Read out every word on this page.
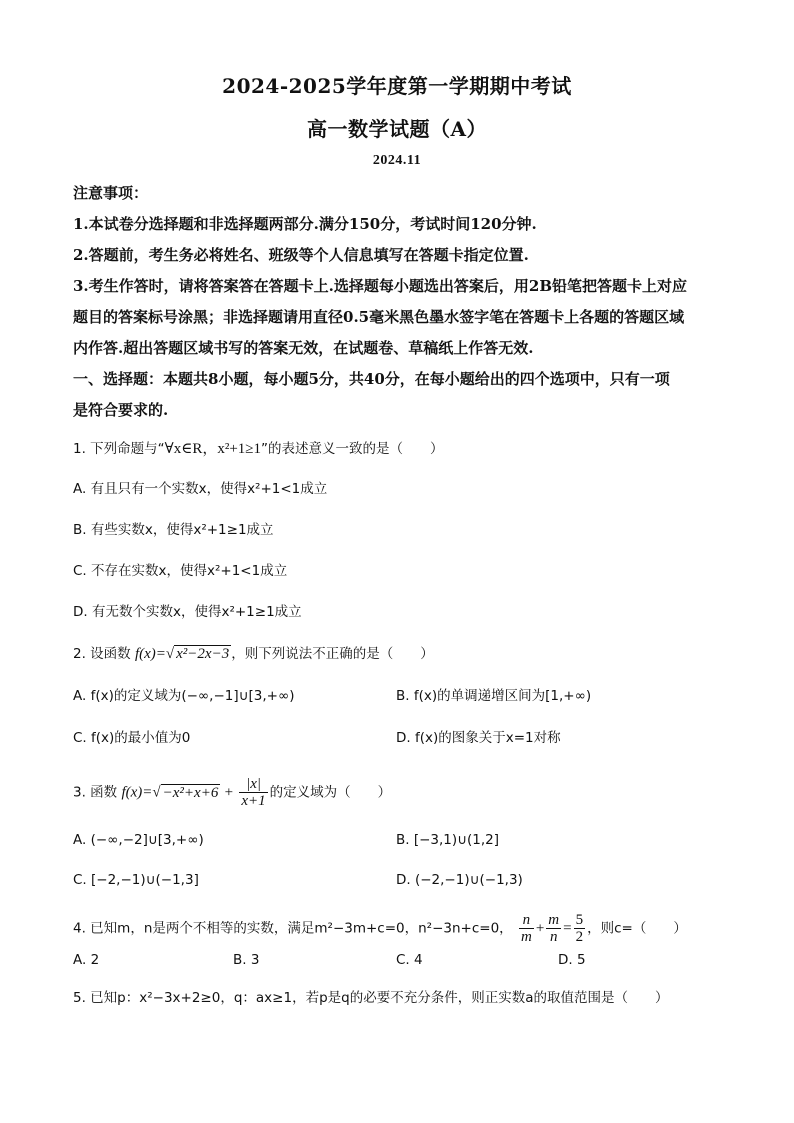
2024-2025学年度第一学期期中考试
高一数学试题（A）
2024.11
注意事项：
1.本试卷分选择题和非选择题两部分.满分150分，考试时间120分钟.
2.答题前，考生务必将姓名、班级等个人信息填写在答题卡指定位置.
3.考生作答时，请将答案答在答题卡上.选择题每小题选出答案后，用2B铅笔把答题卡上对应
题目的答案标号涂黑；非选择题请用直径0.5毫米黑色墨水签字笔在答题卡上各题的答题区域
内作答.超出答题区域书写的答案无效，在试题卷、草稿纸上作答无效.
一、选择题：本题共8小题，每小题5分，共40分，在每小题给出的四个选项中，只有一项
是符合要求的.
1. 下列命题与“∀x∈R，x²+1≥1”的表述意义一致的是（　　）
A. 有且只有一个实数x，使得x²+1<1成立
B. 有些实数x，使得x²+1≥1成立
C. 不存在实数x，使得x²+1<1成立
D. 有无数个实数x，使得x²+1≥1成立
2. 设函数 f(x)=√ x²−2x−3 ，则下列说法不正确的是（　　）
A. f(x)的定义域为(−∞,−1]∪[3,+∞)	B. f(x)的单调递增区间为[1,+∞)
C. f(x)的最小值为0	D. f(x)的图象关于x=1对称
3. 函数 $f(x)=√ -x^2+x+6 + \frac{|x|}{x+1}$ 的定义域为（　　）
A. (−∞,−2]∪[3,+∞)	B. [−3,1)∪(1,2]
C. [−2,−1)∪(−1,3]	D. (−2,−1)∪(−1,3)
4. 已知m，n是两个不相等的实数，满足m²−3m+c=0，n²−3n+c=0， $\frac{n}{m} + \frac{m}{n} = \frac{5}{2}$ ，则c=（　　）
A. 2	B. 3	C. 4	D. 5
5. 已知p：x²−3x+2≥0，q：ax≥1，若p是q的必要不充分条件，则正实数a的取值范围是（　　）
